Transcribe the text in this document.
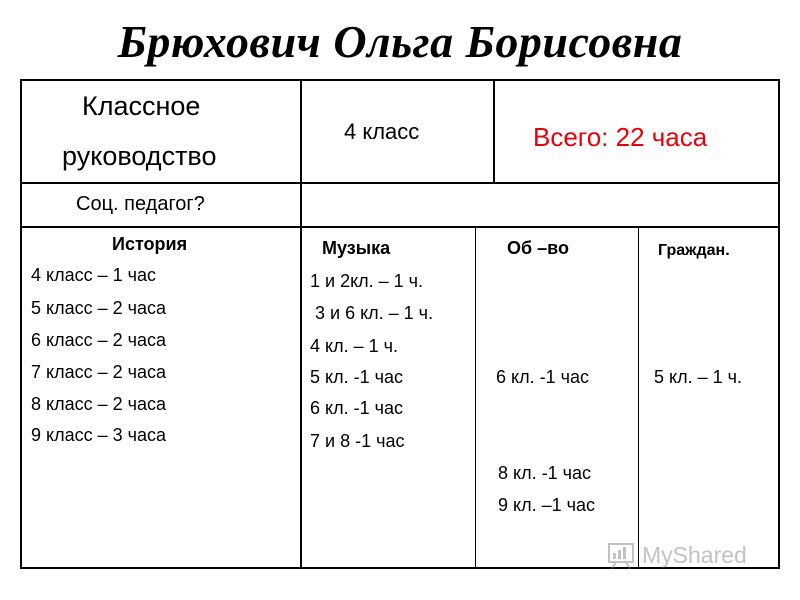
Брюхович Ольга Борисовна
Классное
руководство
4 класс	Всего: 22 часа
Соц. педагог?
История
4 класс – 1 час
5 класс – 2 часа
6 класс – 2 часа
7 класс – 2 часа
8 класс – 2 часа
9 класс – 3 часа
Музыка
1 и 2кл. – 1 ч.
3 и 6 кл. – 1 ч.
4 кл. – 1 ч.
5 кл. -1 час
6 кл. -1 час
7 и 8 -1 час
Об –во
6 кл. -1 час
8 кл. -1 час
9 кл. –1 час
Граждан.
5 кл. – 1 ч.
MyShared
